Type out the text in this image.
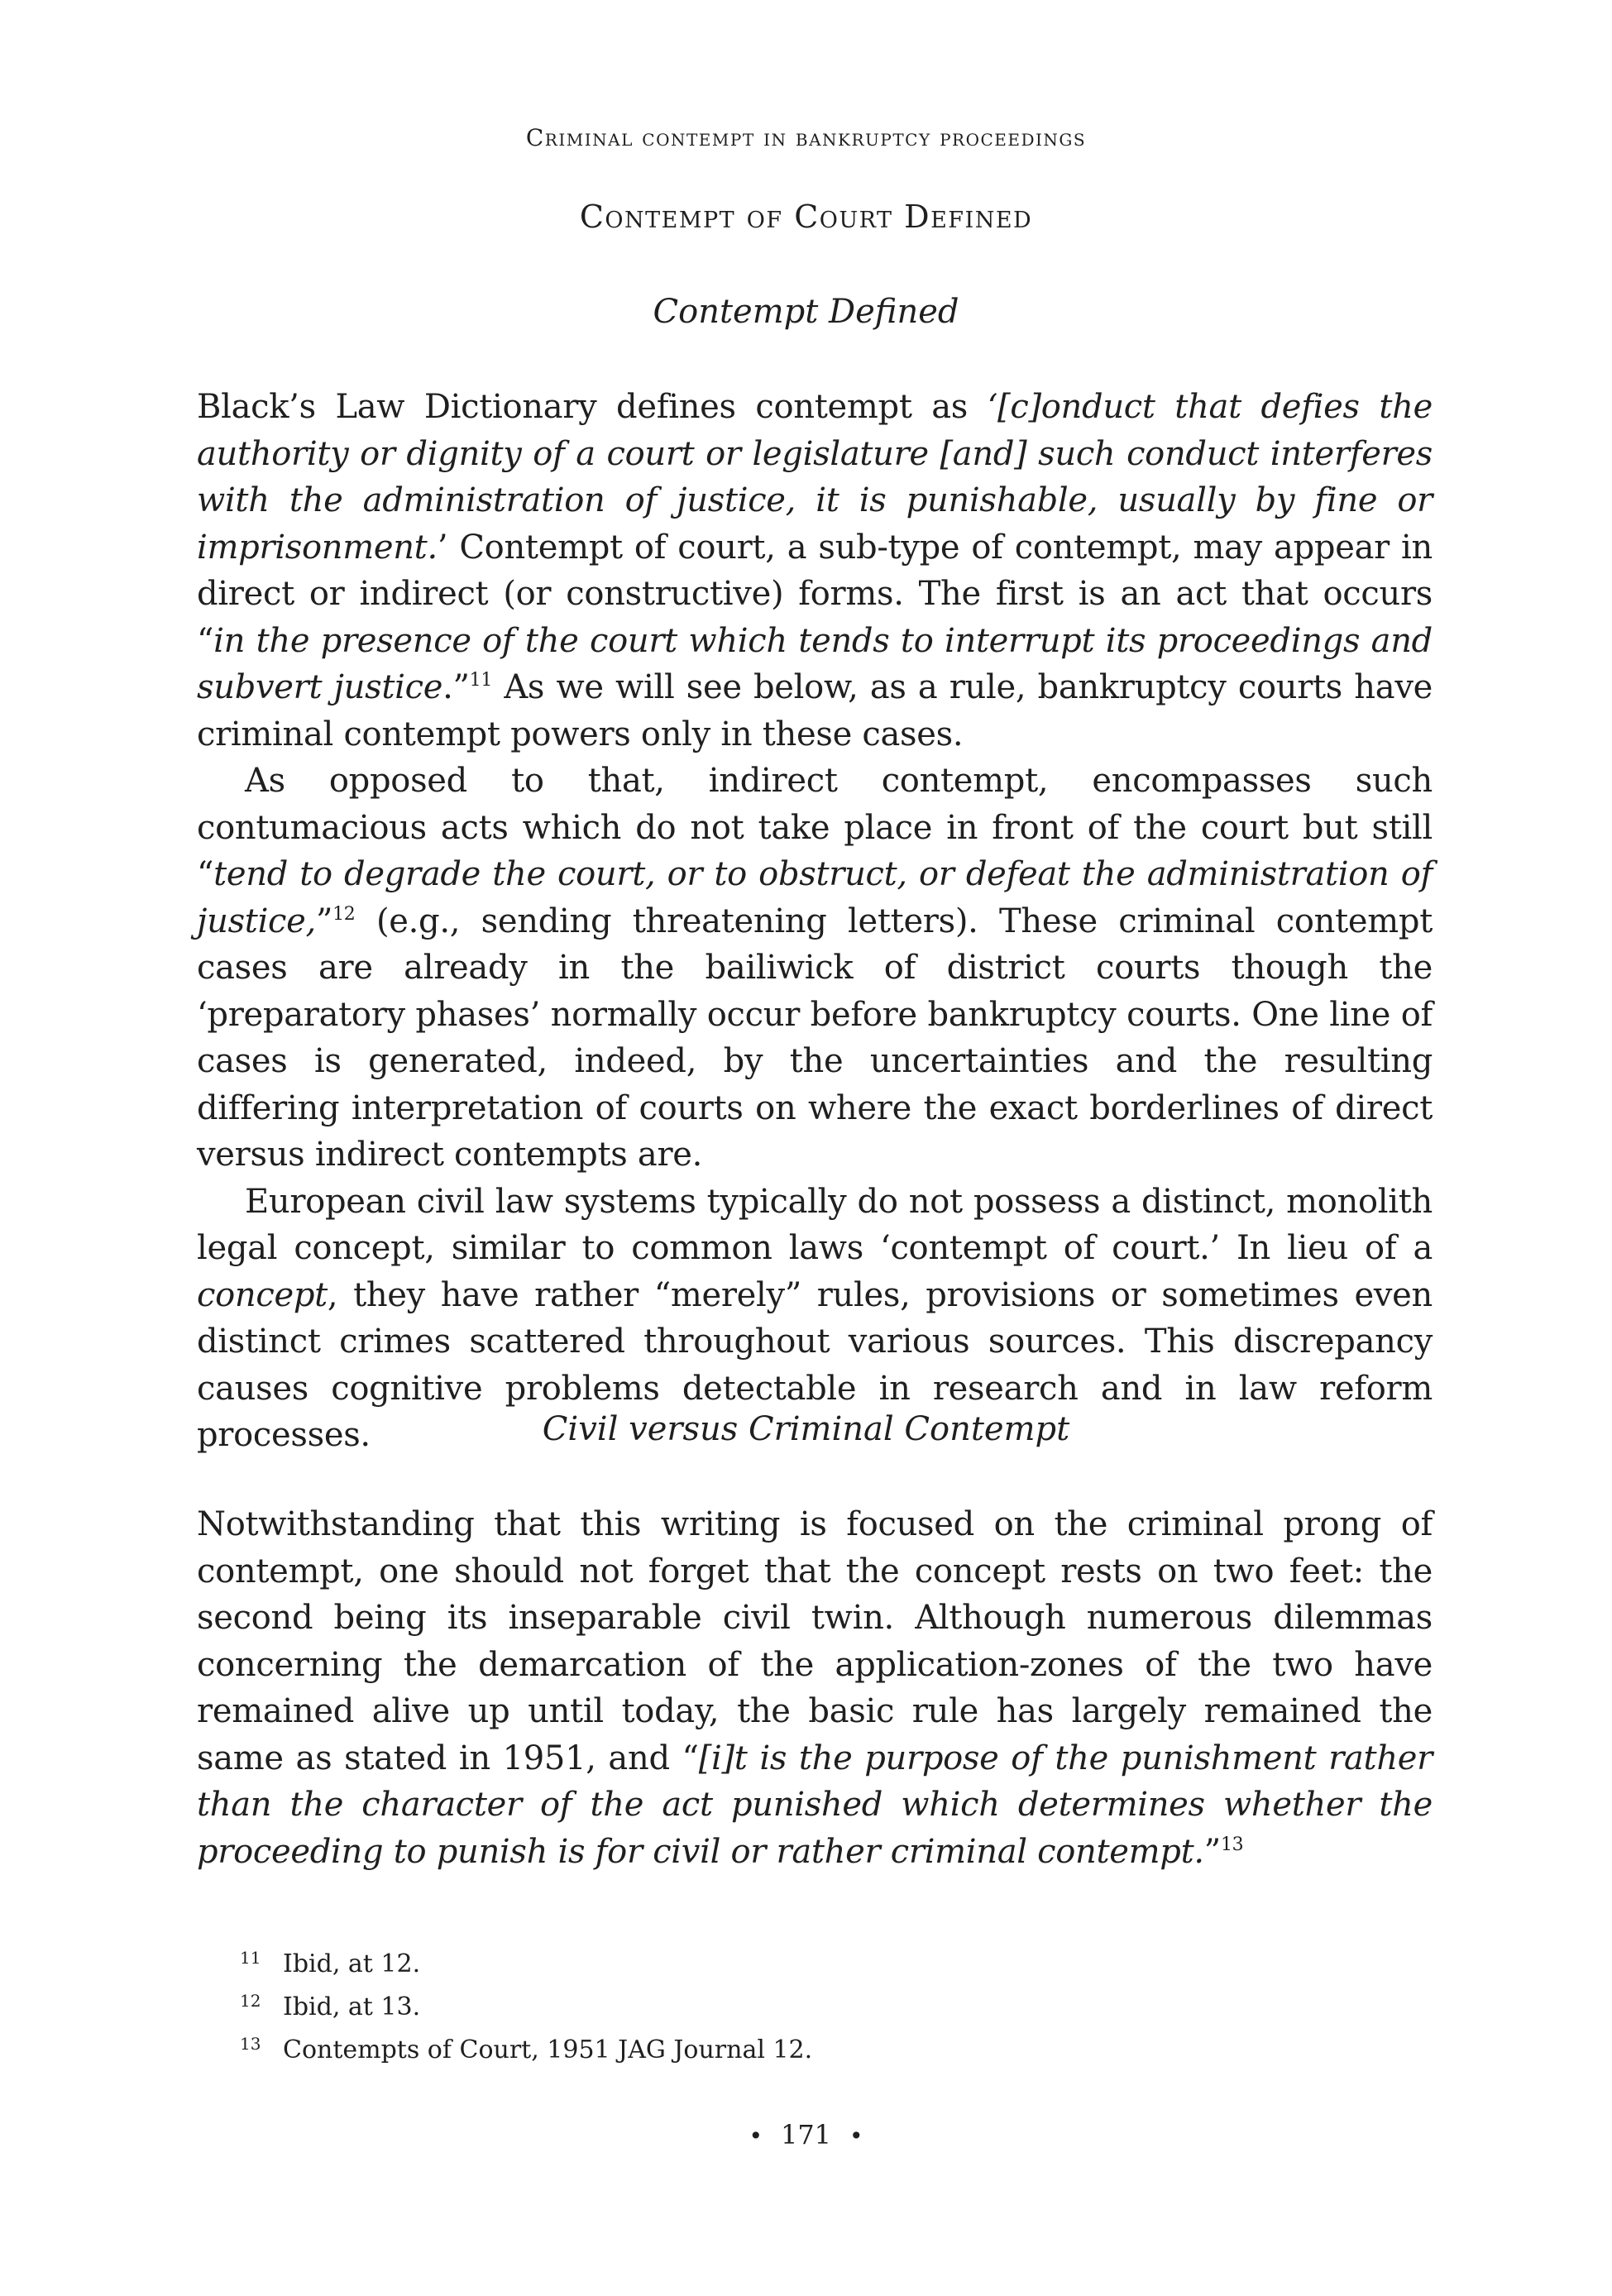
Criminal contempt in bankruptcy proceedings
Contempt of Court Defined
Contempt Defined

Black’s Law Dictionary defines contempt as ‘[c]onduct that defies the authority or dignity of a court or legislature [and] such conduct interferes with the administration of justice, it is punishable, usually by fine or imprisonment.’ Contempt of court, a sub-type of contempt, may appear in direct or indirect (or constructive) forms. The first is an act that occurs “in the presence of the court which tends to interrupt its proceedings and subvert justice.”$^{11}$ As we will see below, as a rule, bankruptcy courts have criminal contempt powers only in these cases.

As opposed to that, indirect contempt, encompasses such contumacious acts which do not take place in front of the court but still “tend to degrade the court, or to obstruct, or defeat the administration of justice,”$^{12}$ (e.g., sending threatening letters). These criminal contempt cases are already in the bailiwick of district courts though the ‘preparatory phases’ normally occur before bankruptcy courts. One line of cases is generated, indeed, by the uncertainties and the resulting differing interpretation of courts on where the exact borderlines of direct versus indirect contempts are.

European civil law systems typically do not possess a distinct, monolith legal concept, similar to common laws ‘contempt of court.’ In lieu of a concept, they have rather “merely” rules, provisions or sometimes even distinct crimes scattered throughout various sources. This discrepancy causes cognitive problems detectable in research and in law reform processes.	Civil versus Criminal Contempt

Notwithstanding that this writing is focused on the criminal prong of contempt, one should not forget that the concept rests on two feet: the second being its inseparable civil twin. Although numerous dilemmas concerning the demarcation of the application-zones of the two have remained alive up until today, the basic rule has largely remained the same as stated in 1951, and “[i]t is the purpose of the punishment rather than the character of the act punished which determines whether the proceeding to punish is for civil or rather criminal contempt.”$^{13}$

11 Ibid, at 12.
12 Ibid, at 13.
13 Contempts of Court, 1951 JAG Journal 12.
• 171 •
